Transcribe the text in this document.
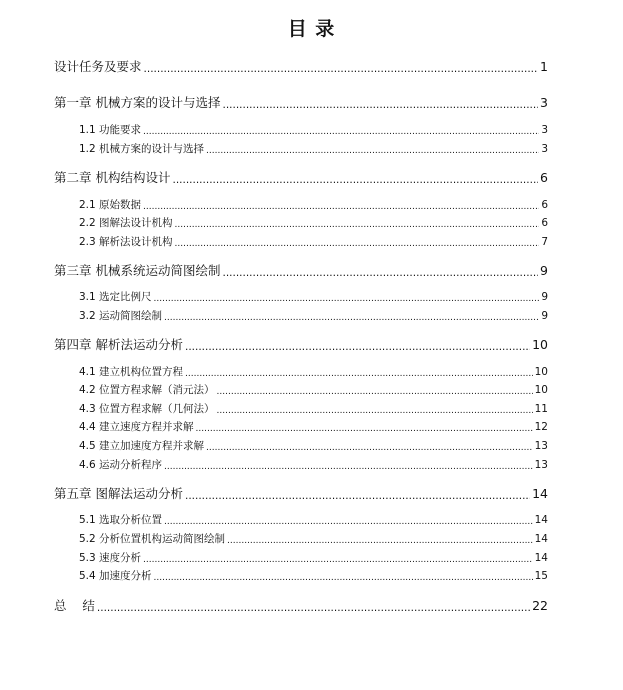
目 录
设计任务及要求 .....	1
第一章 机械方案的设计与选择 .....	3
1.1 功能要求 .....	3
1.2 机械方案的设计与选择 .....	3
第二章 机构结构设计 .....	6
2.1 原始数据 .....	6
2.2 图解法设计机构 .....	6
2.3 解析法设计机构 .....	7
第三章 机械系统运动简图绘制 .....	9
3.1 选定比例尺 .....	9
3.2 运动简图绘制 .....	9
第四章 解析法运动分析 .....	10
4.1 建立机构位置方程 .....	10
4.2 位置方程求解（消元法） .....	10
4.3 位置方程求解（几何法） .....	11
4.4 建立速度方程并求解 .....	12
4.5 建立加速度方程并求解 .....	13
4.6 运动分析程序 .....	13
第五章 图解法运动分析 .....	14
5.1 选取分析位置 .....	14
5.2 分析位置机构运动简图绘制 .....	14
5.3 速度分析 .....	14
5.4 加速度分析 .....	15
总    结 .....	22
